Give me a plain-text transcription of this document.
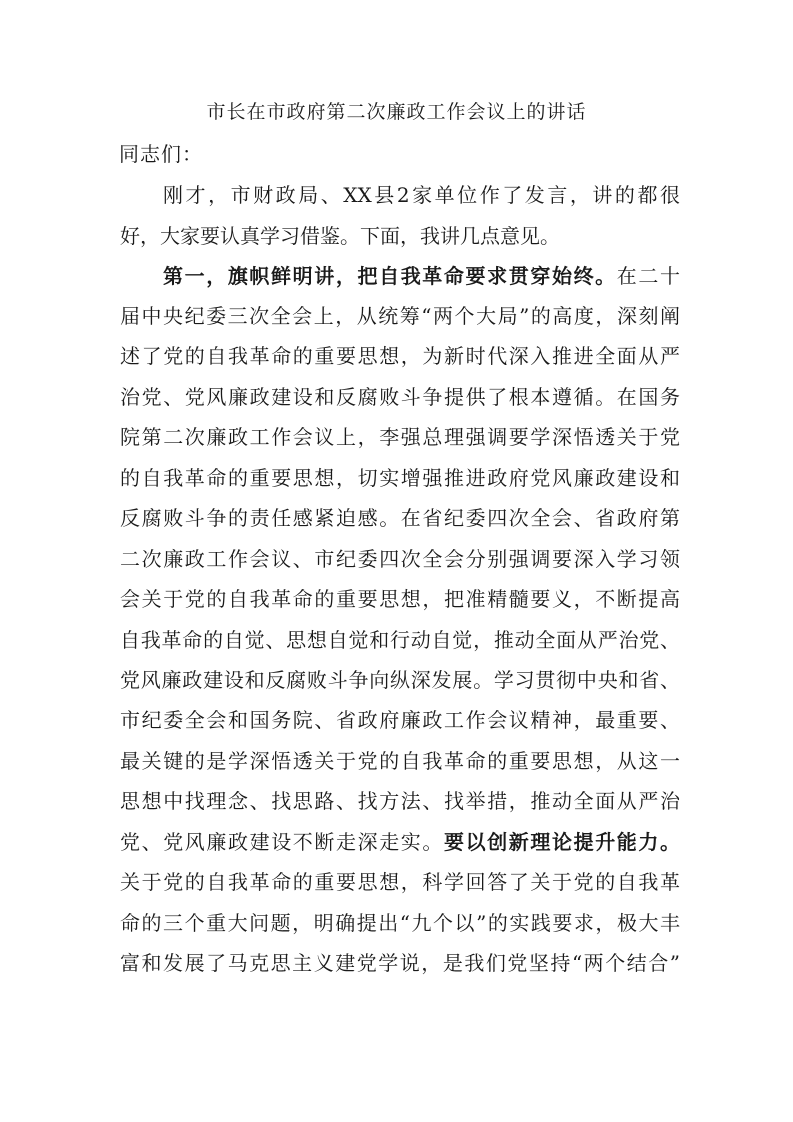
市长在市政府第二次廉政工作会议上的讲话
同志们：
刚才，市财政局、XX县2家单位作了发言，讲的都很
好，大家要认真学习借鉴。下面，我讲几点意见。
第一，旗帜鲜明讲，把自我革命要求贯穿始终。在二十
届中央纪委三次全会上，从统筹“两个大局”的高度，深刻阐
述了党的自我革命的重要思想，为新时代深入推进全面从严
治党、党风廉政建设和反腐败斗争提供了根本遵循。在国务
院第二次廉政工作会议上，李强总理强调要学深悟透关于党
的自我革命的重要思想，切实增强推进政府党风廉政建设和
反腐败斗争的责任感紧迫感。在省纪委四次全会、省政府第
二次廉政工作会议、市纪委四次全会分别强调要深入学习领
会关于党的自我革命的重要思想，把准精髓要义，不断提高
自我革命的自觉、思想自觉和行动自觉，推动全面从严治党、
党风廉政建设和反腐败斗争向纵深发展。学习贯彻中央和省、
市纪委全会和国务院、省政府廉政工作会议精神，最重要、
最关键的是学深悟透关于党的自我革命的重要思想，从这一
思想中找理念、找思路、找方法、找举措，推动全面从严治
党、党风廉政建设不断走深走实。要以创新理论提升能力。
关于党的自我革命的重要思想，科学回答了关于党的自我革
命的三个重大问题，明确提出“九个以”的实践要求，极大丰
富和发展了马克思主义建党学说，是我们党坚持“两个结合”
